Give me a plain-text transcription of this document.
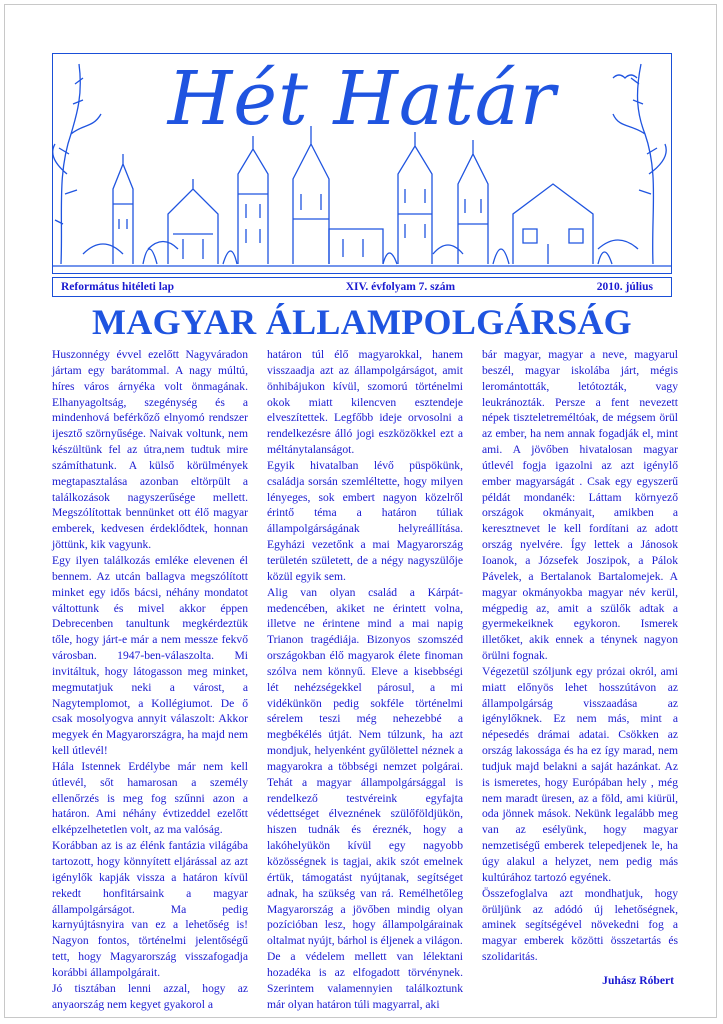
Hét Határ
Református hitéleti lap	XIV. évfolyam 7. szám	2010. július
MAGYAR ÁLLAMPOLGÁRSÁG

Huszonnégy évvel ezelőtt Nagyváradon jártam egy barátommal. A nagy múltú, híres város árnyéka volt önmagának. Elhanyagoltság, szegénység és a mindenhová beférkőző elnyomó rendszer ijesztő szörnyűsége. Naivak voltunk, nem készültünk fel az útra,nem tudtuk mire számíthatunk. A külső körülmények megtapasztalása azonban eltörpült a találkozások nagyszerűsége mellett. Megszólítottak bennünket ott élő magyar emberek, kedvesen érdeklődtek, honnan jöttünk, kik vagyunk.

Egy ilyen találkozás emléke elevenen él bennem. Az utcán ballagva megszólított minket egy idős bácsi, néhány mondatot váltottunk és mivel akkor éppen Debrecenben tanultunk megkérdeztük tőle, hogy járt-e már a nem messze fekvő városban. 1947-ben-válaszolta. Mi invitáltuk, hogy látogasson meg minket, megmutatjuk neki a várost, a Nagytemplomot, a Kollégiumot. De ő csak mosolyogva annyit válaszolt: Akkor megyek én Magyarországra, ha majd nem kell útlevél!

Hála Istennek Erdélybe már nem kell útlevél, sőt hamarosan a személy ellenőrzés is meg fog szűnni azon a határon. Ami néhány évtizeddel ezelőtt elképzelhetetlen volt, az ma valóság.

Korábban az is az élénk fantázia világába tartozott, hogy könnyített eljárással az azt igénylők kapják vissza a határon kívül rekedt honfitársaink a magyar állampolgárságot. Ma pedig karnyújtásnyira van ez a lehetőség is! Nagyon fontos, történelmi jelentőségű tett, hogy Magyarország visszafogadja korábbi állampolgárait.

Jó tisztában lenni azzal, hogy az anyaország nem kegyet gyakorol a

határon túl élő magyarokkal, hanem visszaadja azt az állampolgárságot, amit önhibájukon kívül, szomorú történelmi okok miatt kilencven esztendeje elveszítettek. Legfőbb ideje orvosolni a rendelkezésre álló jogi eszközökkel ezt a méltánytalanságot.

Egyik hivatalban lévő püspökünk, családja sorsán szemléltette, hogy milyen lényeges, sok embert nagyon közelről érintő téma a határon túliak állampolgárságának helyreállítása. Egyházi vezetőnk a mai Magyarország területén született, de a négy nagyszülője közül egyik sem.

Alig van olyan család a Kárpát-medencében, akiket ne érintett volna, illetve ne érintene mind a mai napig Trianon tragédiája. Bizonyos szomszéd országokban élő magyarok élete finoman szólva nem könnyű. Eleve a kisebbségi lét nehézségekkel párosul, a mi vidékünkön pedig sokféle történelmi sérelem teszi még nehezebbé a megbékélés útját. Nem túlzunk, ha azt mondjuk, helyenként gyűlölettel néznek a magyarokra a többségi nemzet polgárai. Tehát a magyar állampolgársággal is rendelkező testvéreink egyfajta védettséget élveznének szülőföldjükön, hiszen tudnák és éreznék, hogy a lakóhelyükön kívül egy nagyobb közösségnek is tagjai, akik szót emelnek értük, támogatást nyújtanak, segítséget adnak, ha szükség van rá. Remélhetőleg Magyarország a jövőben mindig olyan pozícióban lesz, hogy állampolgárainak oltalmat nyújt, bárhol is éljenek a világon.

De a védelem mellett van lélektani hozadéka is az elfogadott törvénynek. Szerintem valamennyien találkoztunk már olyan határon túli magyarral, aki

bár magyar, magyar a neve, magyarul beszél, magyar iskolába járt, mégis leromántották, letótozták, vagy leukránozták. Persze a fent nevezett népek tiszteletreméltóak, de mégsem örül az ember, ha nem annak fogadják el, mint ami. A jövőben hivatalosan magyar útlevél fogja igazolni az azt igénylő ember magyarságát . Csak egy egyszerű példát mondanék: Láttam környező országok okmányait, amikben a keresztnevet le kell fordítani az adott ország nyelvére. Így lettek a Jánosok Ioanok, a Józsefek Joszipok, a Pálok Pávelek, a Bertalanok Bartalomejek. A magyar okmányokba magyar név kerül, mégpedig az, amit a szülők adtak a gyermekeiknek egykoron. Ismerek illetőket, akik ennek a ténynek nagyon örülni fognak.

Végezetül szóljunk egy prózai okról, ami miatt előnyös lehet hosszútávon az állampolgárság visszaadása az igénylőknek. Ez nem más, mint a népesedés drámai adatai. Csökken az ország lakossága és ha ez így marad, nem tudjuk majd belakni a saját hazánkat. Az is ismeretes, hogy Európában hely , még nem maradt üresen, az a föld, ami kiürül, oda jönnek mások. Nekünk legalább meg van az esélyünk, hogy magyar nemzetiségű emberek telepedjenek le, ha úgy alakul a helyzet, nem pedig más kultúrához tartozó egyének.

Összefoglalva azt mondhatjuk, hogy örüljünk az adódó új lehetőségnek, aminek segítségével növekedni fog a magyar emberek közötti összetartás és szolidaritás.

Juhász Róbert
